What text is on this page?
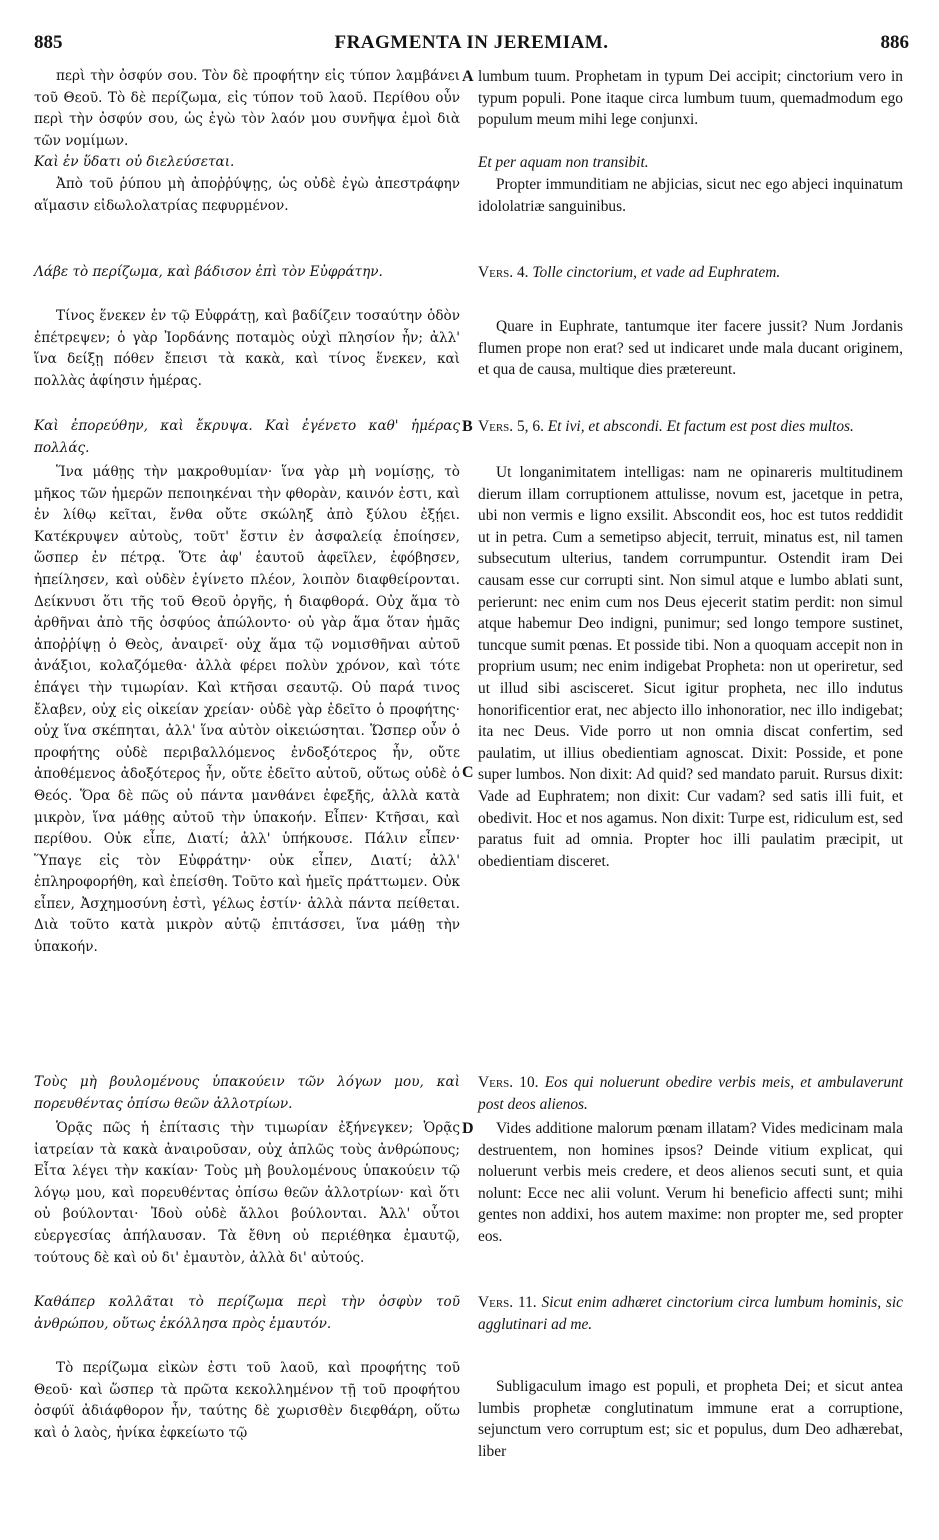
885	FRAGMENTA IN JEREMIAM.	886

περὶ τὴν ὀσφύν σου. Τὸν δὲ προφήτην εἰς τύπον λαμβάνει τοῦ Θεοῦ. Τὸ δὲ περίζωμα, εἰς τύπον τοῦ λαοῦ. Περίθου οὖν περὶ τὴν ὀσφύν σου, ὡς ἐγὼ τὸν λαόν μου συνῆψα ἐμοὶ διὰ τῶν νομίμων.

Καὶ ἐν ὕδατι οὐ διελεύσεται.

Ἀπὸ τοῦ ῥύπου μὴ ἀποῤῥύψῃς, ὡς οὐδὲ ἐγὼ ἀπεστράφην αἵμασιν εἰδωλολατρίας πεφυρμένον.

Λάβε τὸ περίζωμα, καὶ βάδισον ἐπὶ τὸν Εὐφράτην.

Τίνος ἕνεκεν ἐν τῷ Εὐφράτῃ, καὶ βαδίζειν τοσαύτην ὁδὸν ἐπέτρεψεν; ὁ γὰρ Ἰορδάνης ποταμὸς οὐχὶ πλησίον ἦν; ἀλλ' ἵνα δείξῃ πόθεν ἔπεισι τὰ κακὰ, καὶ τίνος ἕνεκεν, καὶ πολλὰς ἀφίησιν ἡμέρας.

Καὶ ἐπορεύθην, καὶ ἔκρυψα. Καὶ ἐγένετο καθ' ἡμέρας πολλάς.

Ἵνα μάθῃς τὴν μακροθυμίαν· ἵνα γὰρ μὴ νομίσῃς, τὸ μῆκος τῶν ἡμερῶν πεποιηκέναι τὴν φθορὰν, καινόν ἐστι, καὶ ἐν λίθῳ κεῖται, ἔνθα οὔτε σκώληξ ἀπὸ ξύλου ἐξῄει. Κατέκρυψεν αὐτοὺς, τοῦτ' ἔστιν ἐν ἀσφαλείᾳ ἐποίησεν, ὥσπερ ἐν πέτρᾳ. Ὅτε ἀφ' ἑαυτοῦ ἀφεῖλεν, ἐφόβησεν, ἠπείλησεν, καὶ οὐδὲν ἐγίνετο πλέον, λοιπὸν διαφθείρονται. Δείκνυσι ὅτι τῆς τοῦ Θεοῦ ὀργῆς, ἡ διαφθορά. Οὐχ ἅμα τὸ ἀρθῆναι ἀπὸ τῆς ὀσφύος ἀπώλοντο· οὐ γὰρ ἅμα ὅταν ἡμᾶς ἀποῤῥίψῃ ὁ Θεὸς, ἀναιρεῖ· οὐχ ἅμα τῷ νομισθῆναι αὐτοῦ ἀνάξιοι, κολαζόμεθα· ἀλλὰ φέρει πολὺν χρόνον, καὶ τότε ἐπάγει τὴν τιμωρίαν. Καὶ κτῆσαι σεαυτῷ. Οὐ παρά τινος ἔλαβεν, οὐχ εἰς οἰκείαν χρείαν· οὐδὲ γὰρ ἐδεῖτο ὁ προφήτης· οὐχ ἵνα σκέπηται, ἀλλ' ἵνα αὐτὸν οἰκειώσηται. Ὥσπερ οὖν ὁ προφήτης οὐδὲ περιβαλλόμενος ἐνδοξότερος ἦν, οὔτε ἀποθέμενος ἀδοξότερος ἦν, οὔτε ἐδεῖτο αὐτοῦ, οὕτως οὐδὲ ὁ Θεός. Ὅρα δὲ πῶς οὐ πάντα μανθάνει ἐφεξῆς, ἀλλὰ κατὰ μικρὸν, ἵνα μάθῃς αὐτοῦ τὴν ὑπακοήν. Εἶπεν· Κτῆσαι, καὶ περίθου. Οὐκ εἶπε, Διατί; ἀλλ' ὑπήκουσε. Πάλιν εἶπεν· Ὕπαγε εἰς τὸν Εὐφράτην· οὐκ εἶπεν, Διατί; ἀλλ' ἐπληροφορήθη, καὶ ἐπείσθη. Τοῦτο καὶ ἡμεῖς πράττωμεν. Οὐκ εἶπεν, Ἀσχημοσύνη ἐστὶ, γέλως ἐστίν· ἀλλὰ πάντα πείθεται. Διὰ τοῦτο κατὰ μικρὸν αὐτῷ ἐπιτάσσει, ἵνα μάθῃ τὴν ὑπακοήν.

Τοὺς μὴ βουλομένους ὑπακούειν τῶν λόγων μου, καὶ πορευθέντας ὀπίσω θεῶν ἀλλοτρίων.

Ὁρᾷς πῶς ἡ ἐπίτασις τὴν τιμωρίαν ἐξήνεγκεν; Ὁρᾷς ἰατρείαν τὰ κακὰ ἀναιροῦσαν, οὐχ ἁπλῶς τοὺς ἀνθρώπους; Εἶτα λέγει τὴν κακίαν· Τοὺς μὴ βουλομένους ὑπακούειν τῷ λόγῳ μου, καὶ πορευθέντας ὀπίσω θεῶν ἀλλοτρίων· καὶ ὅτι οὐ βούλονται· Ἰδοὺ οὐδὲ ἄλλοι βούλονται. Ἀλλ' οὗτοι εὐεργεσίας ἀπήλαυσαν. Τὰ ἔθνη οὐ περιέθηκα ἐμαυτῷ, τούτους δὲ καὶ οὐ δι' ἐμαυτὸν, ἀλλὰ δι' αὐτούς.

Καθάπερ κολλᾶται τὸ περίζωμα περὶ τὴν ὀσφὺν τοῦ ἀνθρώπου, οὕτως ἐκόλλησα πρὸς ἐμαυτόν.

Τὸ περίζωμα εἰκὼν ἐστι τοῦ λαοῦ, καὶ προφήτης τοῦ Θεοῦ· καὶ ὥσπερ τὰ πρῶτα κεκολλημένον τῇ τοῦ προφήτου ὀσφύϊ ἀδιάφθορον ἦν, ταύτης δὲ χωρισθὲν διεφθάρη, οὕτω καὶ ὁ λαὸς, ἡνίκα ἐφκείωτο τῷ

lumbum tuum. Prophetam in typum Dei accipit; cinctorium vero in typum populi. Pone itaque circa lumbum tuum, quemadmodum ego populum meum mihi lege conjunxi.

Et per aquam non transibit.

Propter immunditiam ne abjicias, sicut nec ego abjeci inquinatum idololatriæ sanguinibus.

Vers. 4. Tolle cinctorium, et vade ad Euphratem.

Quare in Euphrate, tantumque iter facere jussit? Num Jordanis flumen prope non erat? sed ut indicaret unde mala ducant originem, et qua de causa, multique dies prætereunt.

Vers. 5, 6. Et ivi, et abscondi. Et factum est post dies multos.

Ut longanimitatem intelligas: nam ne opinareris multitudinem dierum illam corruptionem attulisse, novum est, jacetque in petra, ubi non vermis e ligno exsilit. Abscondit eos, hoc est tutos reddidit ut in petra. Cum a semetipso abjecit, terruit, minatus est, nil tamen subsecutum ulterius, tandem corrumpuntur. Ostendit iram Dei causam esse cur corrupti sint. Non simul atque e lumbo ablati sunt, perierunt: nec enim cum nos Deus ejecerit statim perdit: non simul atque habemur Deo indigni, punimur; sed longo tempore sustinet, tuncque sumit pœnas. Et posside tibi. Non a quoquam accepit non in proprium usum; nec enim indigebat Propheta: non ut operiretur, sed ut illud sibi ascisceret. Sicut igitur propheta, nec illo indutus honorificentior erat, nec abjecto illo inhonoratior, nec illo indigebat; ita nec Deus. Vide porro ut non omnia discat confertim, sed paulatim, ut illius obedientiam agnoscat. Dixit: Posside, et pone super lumbos. Non dixit: Ad quid? sed mandato paruit. Rursus dixit: Vade ad Euphratem; non dixit: Cur vadam? sed satis illi fuit, et obedivit. Hoc et nos agamus. Non dixit: Turpe est, ridiculum est, sed paratus fuit ad omnia. Propter hoc illi paulatim præcipit, ut obedientiam disceret.

Vers. 10. Eos qui noluerunt obedire verbis meis, et ambulaverunt post deos alienos.

Vides additione malorum pœnam illatam? Vides medicinam mala destruentem, non homines ipsos? Deinde vitium explicat, qui noluerunt verbis meis credere, et deos alienos secuti sunt, et quia nolunt: Ecce nec alii volunt. Verum hi beneficio affecti sunt; mihi gentes non addixi, hos autem maxime: non propter me, sed propter eos.

Vers. 11. Sicut enim adhæret cinctorium circa lumbum hominis, sic agglutinari ad me.

Subligaculum imago est populi, et propheta Dei; et sicut antea lumbis prophetæ conglutinatum immune erat a corruptione, sejunctum vero corruptum est; sic et populus, dum Deo adhærebat, liber

A
B
C
D
